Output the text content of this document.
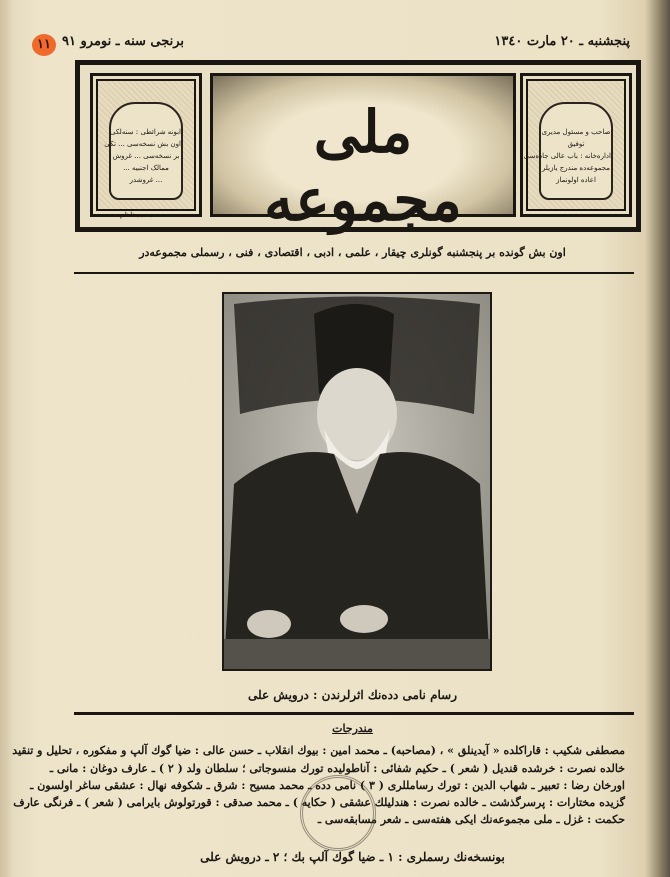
١١ برنجی سنه ـ نومرو ٩١	پنجشنبه ـ ٢٠ مارت ١٣٤٠
ابونه شرائطی : سنه‌لکی
اون بش نسخه‌سی ... تکی
بر نسخه‌سی ... غروش
ممالک اجنبیه ...
... غروشدر
ملی مجموعه
صاحب و مسئول مدیری
توفیق
اداره‌خانه : باب عالی جاده‌سی
مجموعه‌ده مندرج یازیلر
اعاده اولونماز
محمد ناظم
اون بش گونده بر پنجشنبه گونلری چیقار ، علمی ، ادبی ، اقتصادی ، فنی ، رسملی مجموعه‌در
رسام نامی دده‌نك اثرلرندن : درویش علی
مندرجات
مصطفی شکیب : قاراکلده « آیدینلق » ، (مصاحبه) ـ محمد امین : بیوك انقلاب ـ حسن عالی : ضیا گوك آلپ و مفکوره ، تحلیل و تنقید
خالده نصرت : خرشده قندیل ( شعر ) ـ حکیم شفائی : آناطولیده تورك منسوجاتی ؛ سلطان ولد ( ٢ ) ـ عارف دوغان : مانی ـ
اورخان رضا : تعبیر ـ شهاب الدین : تورك رسامللری ( ٣ ) نامی دده ـ محمد مسیح : شرق ـ شکوفه نهال : عشقی ساغر اولسون ـ
گزیده مختارات : پرسرگذشت ـ خالده نصرت : هندلیلك عشقی ( حکایه ) ـ محمد صدقی : قورتولوش بایرامی ( شعر ) ـ فرنگی عارف
حکمت : غزل ـ ملی مجموعه‌نك ایکی هفته‌سی ـ شعر مسابقه‌سی ـ
بونسخه‌نك رسملری : ١ ـ ضیا گوك آلپ بك ؛ ٢ ـ درویش علی
